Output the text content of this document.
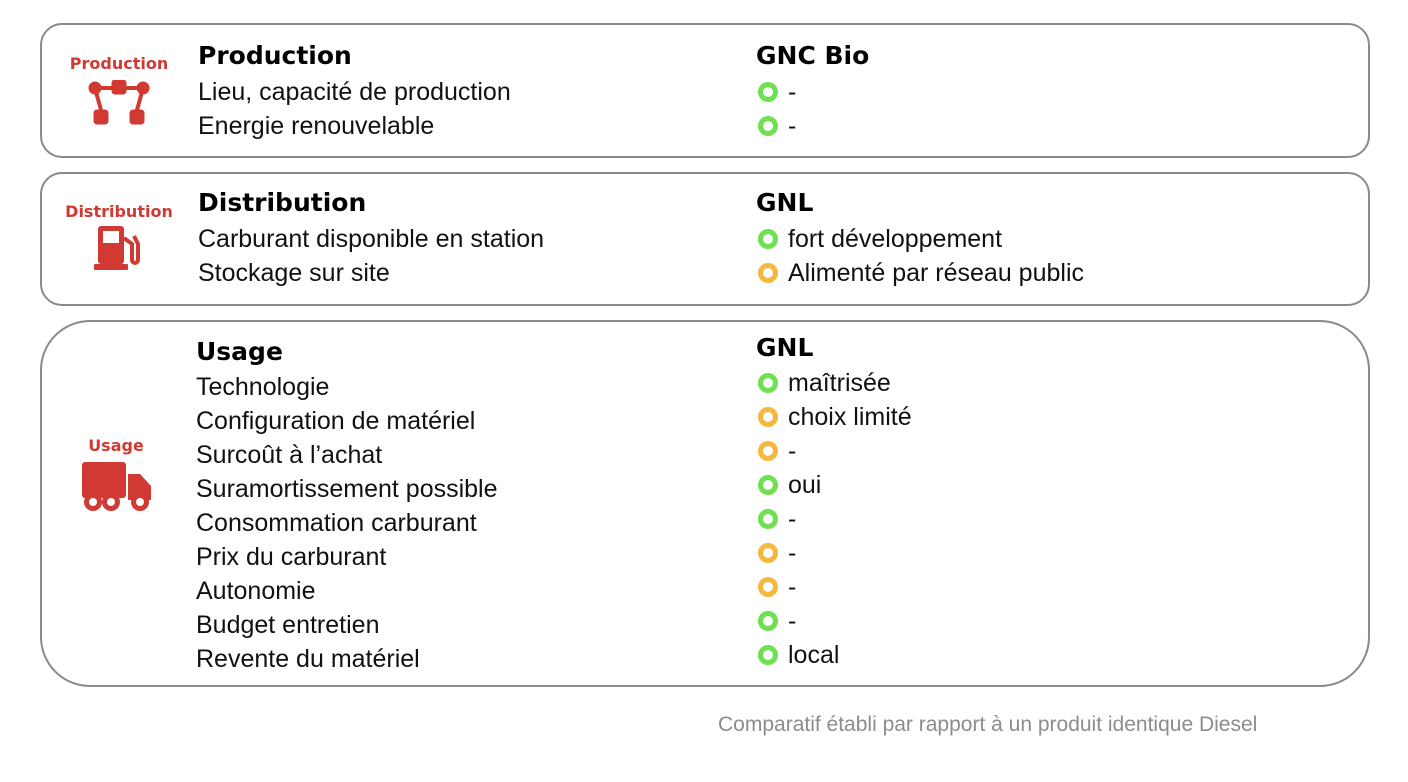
Production Production
Lieu, capacité de production
Energie renouvelable
GNC Bio
-
-
Distribution Distribution
Carburant disponible en station
Stockage sur site
GNL
fort développement
Alimenté par réseau public
Usage
Usage
Technologie
Configuration de matériel
Surcoût à l’achat
Suramortissement possible
Consommation carburant
Prix du carburant
Autonomie
Budget entretien
Revente du matériel
GNL
maîtrisée
choix limité
-
oui
-
-
-
-
local
Comparatif établi par rapport à un produit identique Diesel
